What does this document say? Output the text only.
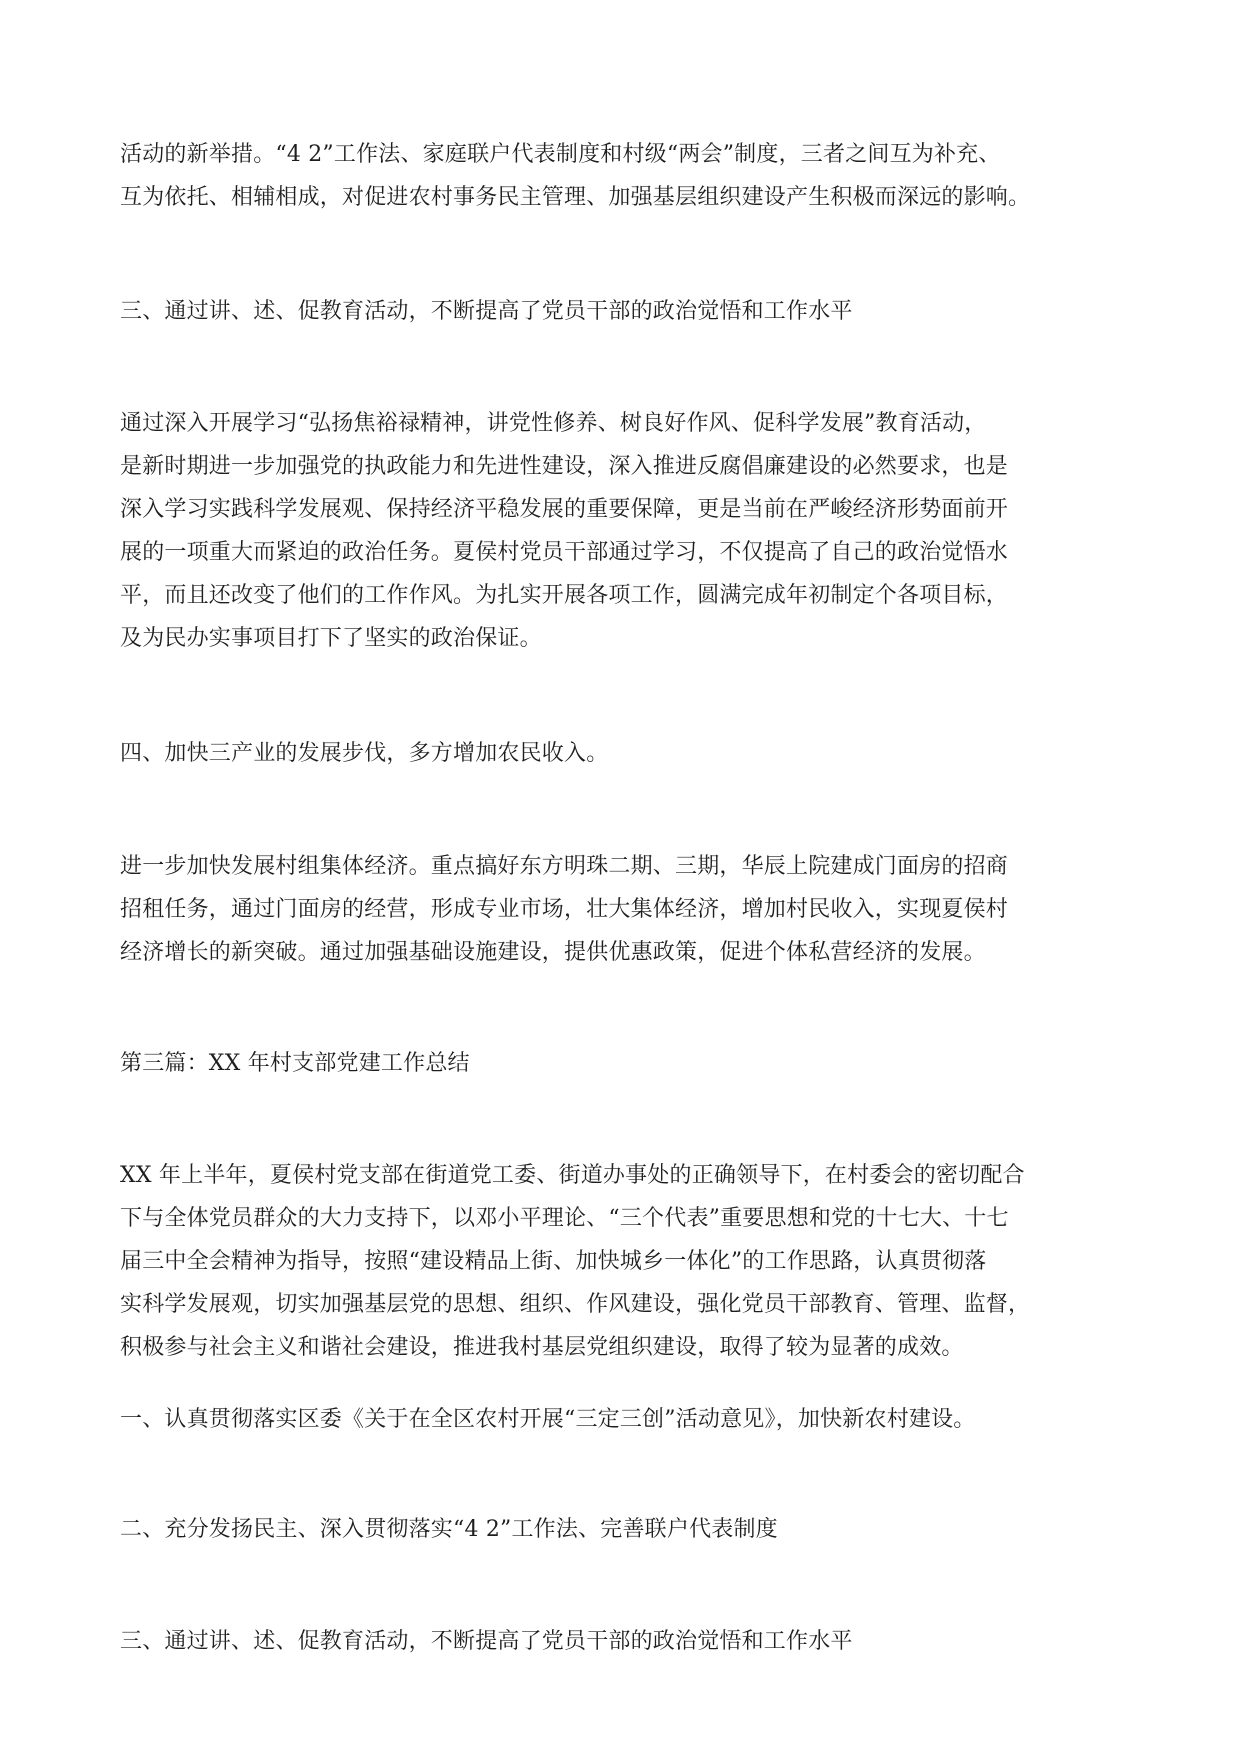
活动的新举措。“4 2”工作法、家庭联户代表制度和村级“两会”制度，三者之间互为补充、
互为依托、相辅相成，对促进农村事务民主管理、加强基层组织建设产生积极而深远的影响。
三、通过讲、述、促教育活动，不断提高了党员干部的政治觉悟和工作水平
通过深入开展学习“弘扬焦裕禄精神，讲党性修养、树良好作风、促科学发展”教育活动，
是新时期进一步加强党的执政能力和先进性建设，深入推进反腐倡廉建设的必然要求，也是
深入学习实践科学发展观、保持经济平稳发展的重要保障，更是当前在严峻经济形势面前开
展的一项重大而紧迫的政治任务。夏侯村党员干部通过学习，不仅提高了自己的政治觉悟水
平，而且还改变了他们的工作作风。为扎实开展各项工作，圆满完成年初制定个各项目标，
及为民办实事项目打下了坚实的政治保证。
四、加快三产业的发展步伐，多方增加农民收入。
进一步加快发展村组集体经济。重点搞好东方明珠二期、三期，华辰上院建成门面房的招商
招租任务，通过门面房的经营，形成专业市场，壮大集体经济，增加村民收入，实现夏侯村
经济增长的新突破。通过加强基础设施建设，提供优惠政策，促进个体私营经济的发展。
第三篇：XX 年村支部党建工作总结
XX 年上半年，夏侯村党支部在街道党工委、街道办事处的正确领导下，在村委会的密切配合
下与全体党员群众的大力支持下，以邓小平理论、“三个代表”重要思想和党的十七大、十七
届三中全会精神为指导，按照“建设精品上街、加快城乡一体化”的工作思路，认真贯彻落
实科学发展观，切实加强基层党的思想、组织、作风建设，强化党员干部教育、管理、监督，
积极参与社会主义和谐社会建设，推进我村基层党组织建设，取得了较为显著的成效。
一、认真贯彻落实区委《关于在全区农村开展“三定三创”活动意见》，加快新农村建设。
二、充分发扬民主、深入贯彻落实“4 2”工作法、完善联户代表制度
三、通过讲、述、促教育活动，不断提高了党员干部的政治觉悟和工作水平
